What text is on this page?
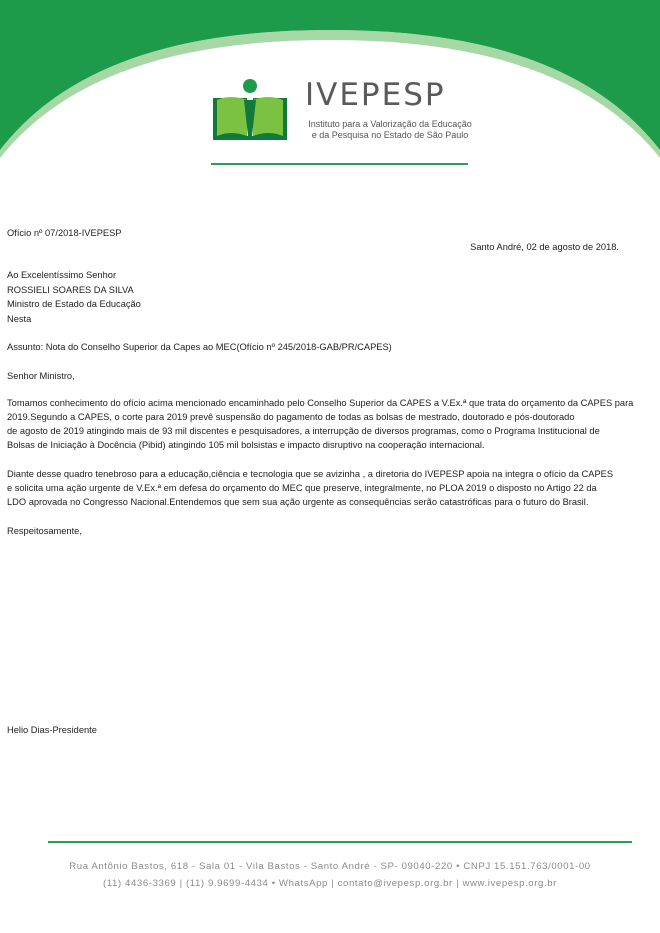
IVEPESP
Instituto para a Valorização da Educação
e da Pesquisa no Estado de São Paulo
Ofício nº 07/2018-IVEPESP
Santo André, 02 de agosto de 2018.
Ao Excelentíssimo Senhor
ROSSIELI SOARES DA SILVA
Ministro de Estado da Educação
Nesta
Assunto: Nota do Conselho Superior da Capes ao MEC(Ofício nº 245/2018-GAB/PR/CAPES)
Senhor Ministro,
Tomamos conhecimento do ofício acima mencionado encaminhado pelo Conselho Superior da CAPES a V.Ex.ª que trata do orçamento da CAPES para
2019.Segundo a CAPES, o corte para 2019 prevê suspensão do pagamento de todas as bolsas de mestrado, doutorado e pós-doutorado
de agosto de 2019 atingindo mais de 93 mil discentes e pesquisadores, a interrupção de diversos programas, como o Programa Institucional de
Bolsas de Iniciação à Docência (Pibid) atingindo 105 mil bolsistas e impacto disruptivo na cooperação internacional.
Diante desse quadro tenebroso para a educação,ciência e tecnologia que se avizinha , a diretoria do IVEPESP apoia na integra o ofício da CAPES
e solicita uma ação urgente de V.Ex.ª em defesa do orçamento do MEC que preserve, integralmente, no PLOA 2019 o disposto no Artigo 22 da
LDO aprovada no Congresso Nacional.Entendemos que sem sua ação urgente as consequências serão catastróficas para o futuro do Brasil.
Respeitosamente,
Helio Dias-Presidente
Rua Antônio Bastos, 618 - Sala 01 - Vila Bastos - Santo André - SP- 09040-220 • CNPJ 15.151.763/0001-00
(11) 4436-3369 | (11) 9.9699-4434 • WhatsApp | contato@ivepesp.org.br | www.ivepesp.org.br
